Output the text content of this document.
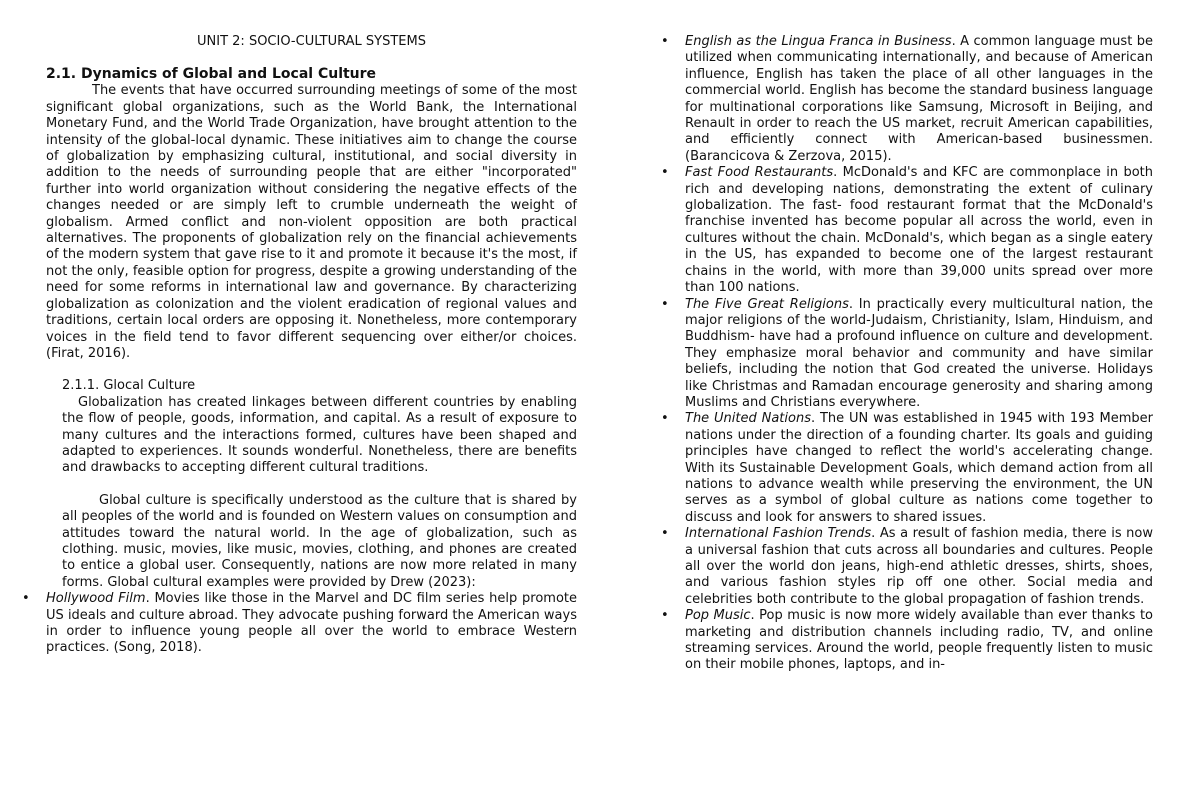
UNIT 2: SOCIO-CULTURAL SYSTEMS
2.1. Dynamics of Global and Local Culture

The events that have occurred surrounding meetings of some of the most significant global organizations, such as the World Bank, the International Monetary Fund, and the World Trade Organization, have brought attention to the intensity of the global-local dynamic. These initiatives aim to change the course of globalization by emphasizing cultural, institutional, and social diversity in addition to the needs of surrounding people that are either "incorporated" further into world organization without considering the negative effects of the changes needed or are simply left to crumble underneath the weight of globalism. Armed conflict and non-violent opposition are both practical alternatives. The proponents of globalization rely on the financial achievements of the modern system that gave rise to it and promote it because it's the most, if not the only, feasible option for progress, despite a growing understanding of the need for some reforms in international law and governance. By characterizing globalization as colonization and the violent eradication of regional values and traditions, certain local orders are opposing it. Nonetheless, more contemporary voices in the field tend to favor different sequencing over either/or choices. (Firat, 2016).

2.1.1. Glocal Culture

Globalization has created linkages between different countries by enabling the flow of people, goods, information, and capital. As a result of exposure to many cultures and the interactions formed, cultures have been shaped and adapted to experiences. It sounds wonderful. Nonetheless, there are benefits and drawbacks to accepting different cultural traditions.

Global culture is specifically understood as the culture that is shared by all peoples of the world and is founded on Western values on consumption and attitudes toward the natural world. In the age of globalization, such as clothing. music, movies, like music, movies, clothing, and phones are created to entice a global user. Consequently, nations are now more related in many forms. Global cultural examples were provided by Drew (2023):

• Hollywood Film. Movies like those in the Marvel and DC film series help promote US ideals and culture abroad. They advocate pushing forward the American ways in order to influence young people all over the world to embrace Western practices. (Song, 2018).
• English as the Lingua Franca in Business. A common language must be utilized when communicating internationally, and because of American influence, English has taken the place of all other languages in the commercial world. English has become the standard business language for multinational corporations like Samsung, Microsoft in Beijing, and Renault in order to reach the US market, recruit American capabilities, and efficiently connect with American-based businessmen. (Barancicova & Zerzova, 2015).
• Fast Food Restaurants. McDonald's and KFC are commonplace in both rich and developing nations, demonstrating the extent of culinary globalization. The fast- food restaurant format that the McDonald's franchise invented has become popular all across the world, even in cultures without the chain. McDonald's, which began as a single eatery in the US, has expanded to become one of the largest restaurant chains in the world, with more than 39,000 units spread over more than 100 nations.
• The Five Great Religions. In practically every multicultural nation, the major religions of the world-Judaism, Christianity, Islam, Hinduism, and Buddhism- have had a profound influence on culture and development. They emphasize moral behavior and community and have similar beliefs, including the notion that God created the universe. Holidays like Christmas and Ramadan encourage generosity and sharing among Muslims and Christians everywhere.
• The United Nations. The UN was established in 1945 with 193 Member nations under the direction of a founding charter. Its goals and guiding principles have changed to reflect the world's accelerating change. With its Sustainable Development Goals, which demand action from all nations to advance wealth while preserving the environment, the UN serves as a symbol of global culture as nations come together to discuss and look for answers to shared issues.
• International Fashion Trends. As a result of fashion media, there is now a universal fashion that cuts across all boundaries and cultures. People all over the world don jeans, high-end athletic dresses, shirts, shoes, and various fashion styles rip off one other. Social media and celebrities both contribute to the global propagation of fashion trends.
• Pop Music. Pop music is now more widely available than ever thanks to marketing and distribution channels including radio, TV, and online streaming services. Around the world, people frequently listen to music on their mobile phones, laptops, and in-
